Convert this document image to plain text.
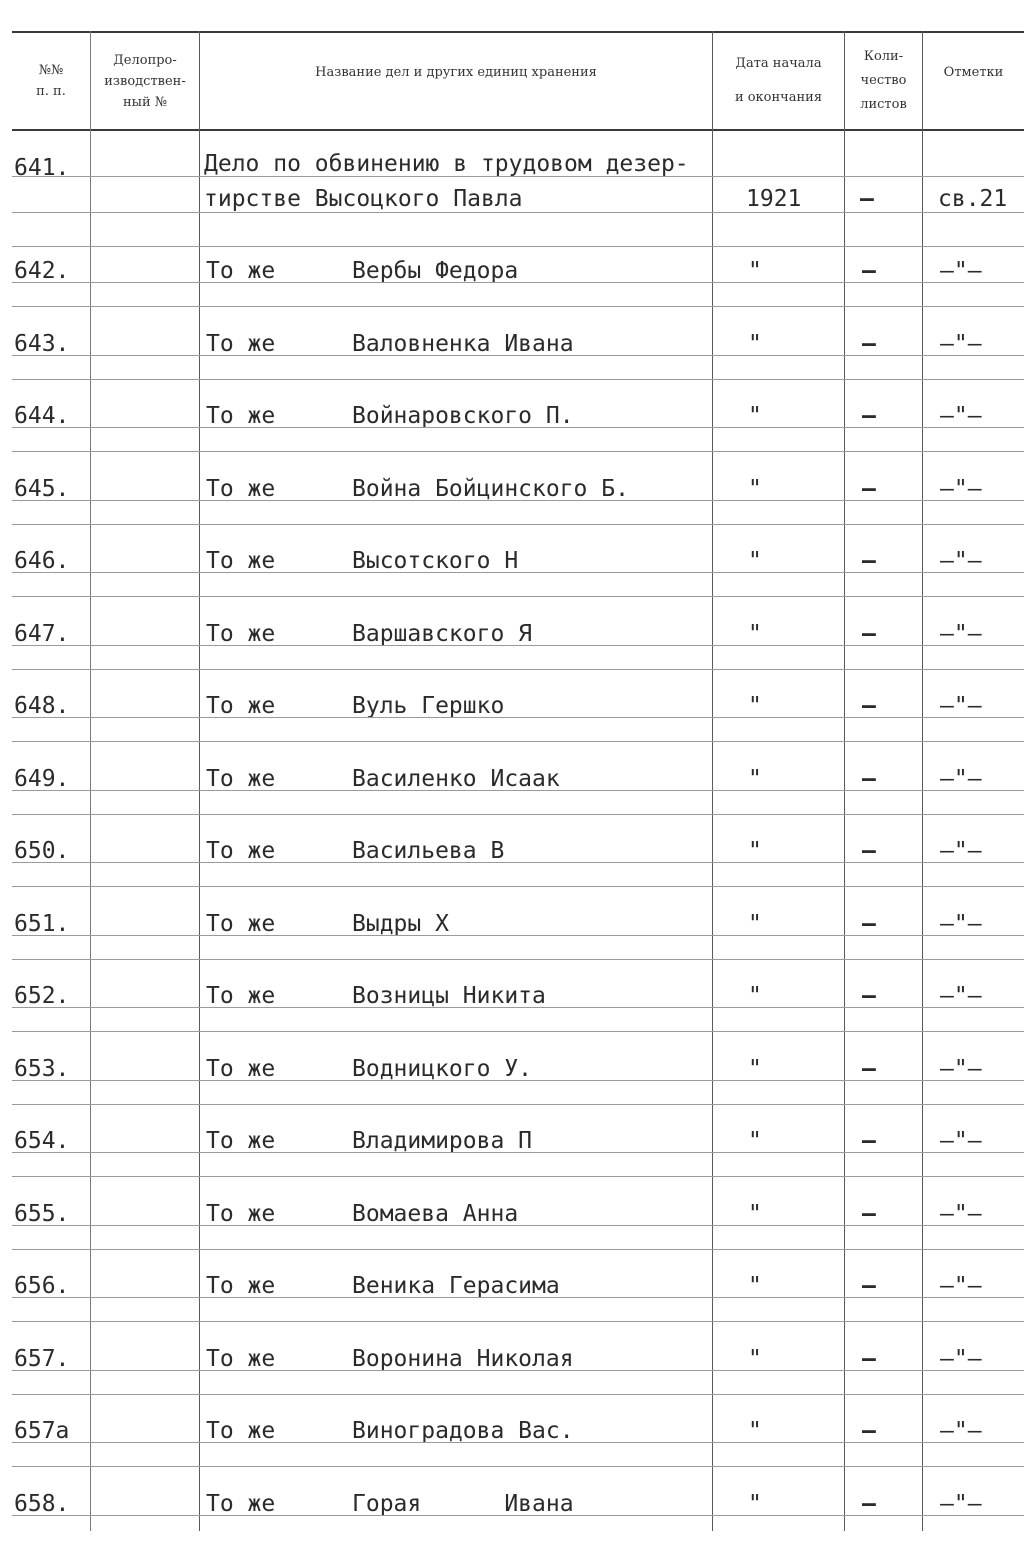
№№
п. п.
Делопро-
изводствен-
ный №
Название дел и других единиц хранения
Дата начала
и окончания
Коли-
чество
листов
Отметки
641.	Дело по обвинению в трудовом дезер-
тирстве Высоцкого Павла	1921	–	св.21
642.	То же	Вербы Федора	"	–	–"–
643.	То же	Валовненка Ивана	"	–	–"–
644.	То же	Войнаровского П.	"	–	–"–
645.	То же	Война Бойцинского Б.	"	–	–"–
646.	То же	Высотского Н	"	–	–"–
647.	То же	Варшавского Я	"	–	–"–
648.	То же	Вуль Гершко	"	–	–"–
649.	То же	Василенко Исаак	"	–	–"–
650.	То же	Васильева В	"	–	–"–
651.	То же	Выдры Х	"	–	–"–
652.	То же	Возницы Никита	"	–	–"–
653.	То же	Водницкого У.	"	–	–"–
654.	То же	Владимирова П	"	–	–"–
655.	То же	Вомаева Анна	"	–	–"–
656.	То же	Веника Герасима	"	–	–"–
657.	То же	Воронина Николая	"	–	–"–
657а	То же	Виноградова Вас.	"	–	–"–
658.	То же	Горая      Ивана	"	–	–"–
